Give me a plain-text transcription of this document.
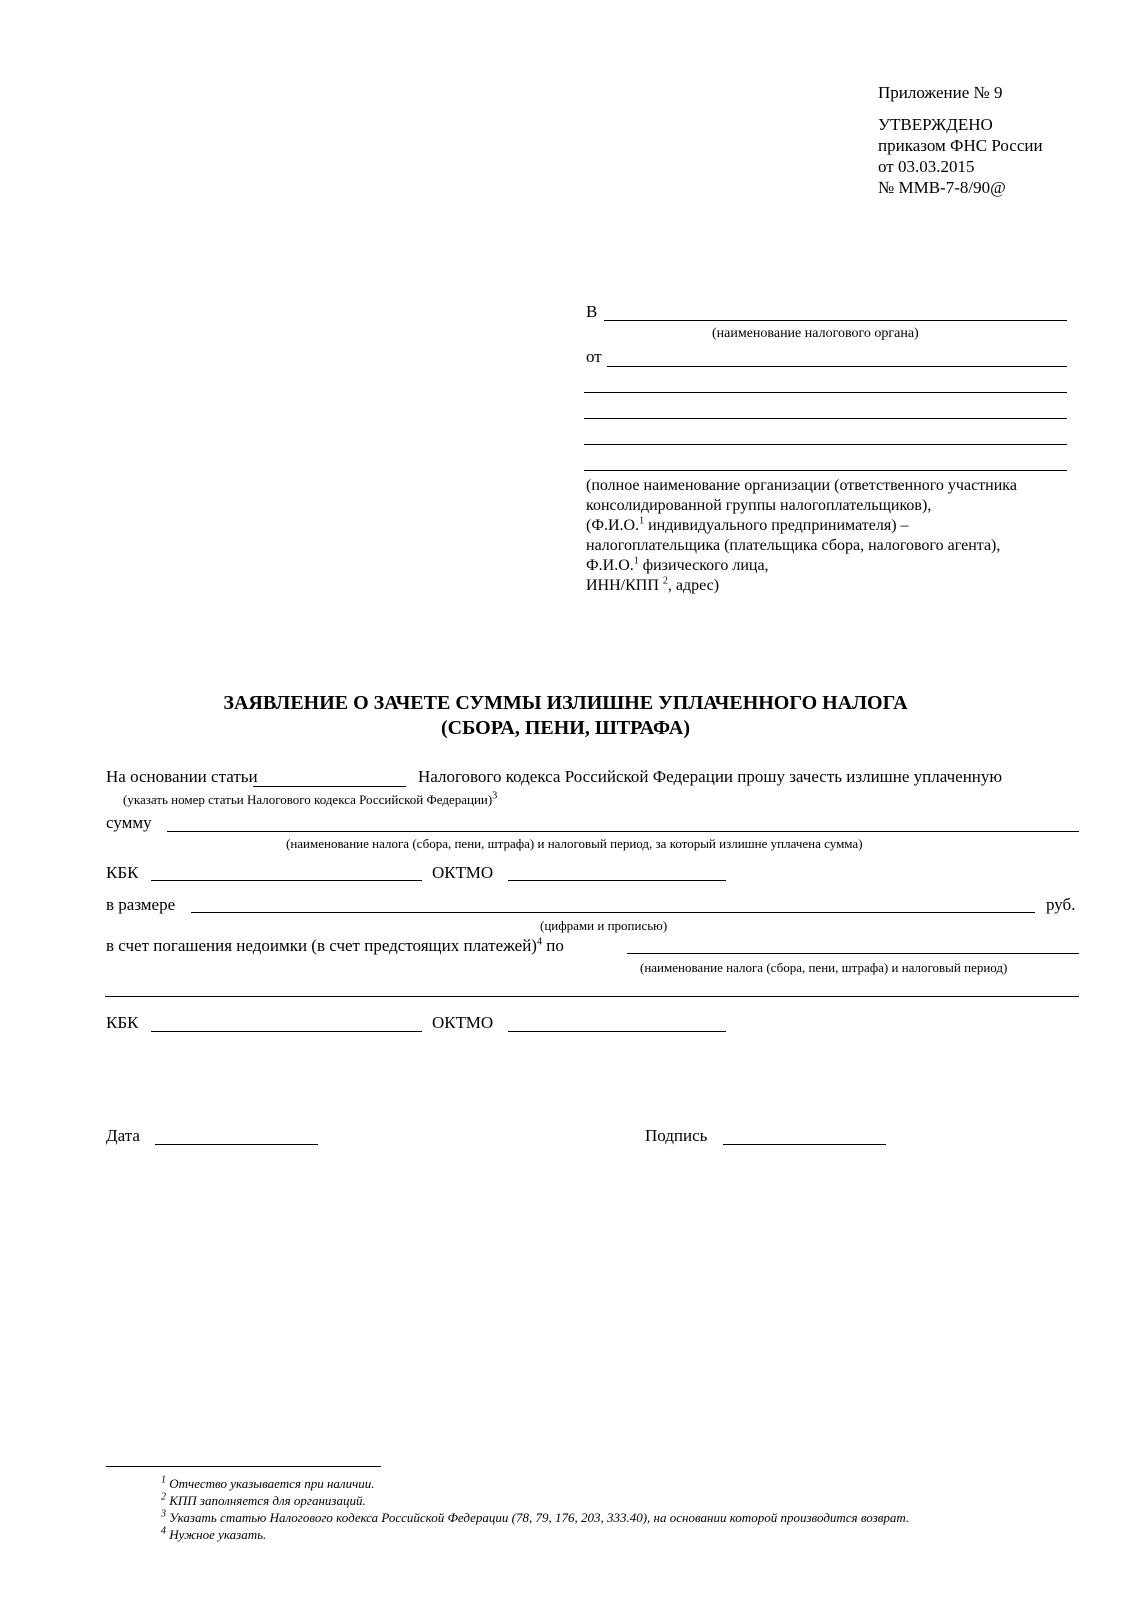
Приложение № 9
УТВЕРЖДЕНО
приказом ФНС России
от 03.03.2015
№ ММВ-7-8/90@
В
(наименование налогового органа)
от
(полное наименование организации (ответственного участника
консолидированной группы налогоплательщиков),
(Ф.И.О.$^1$ индивидуального предпринимателя) –
налогоплательщика (плательщика сбора, налогового агента),
Ф.И.О.$^1$ физического лица,
ИНН/КПП $^2$, адрес)
ЗАЯВЛЕНИЕ О ЗАЧЕТЕ СУММЫ ИЗЛИШНЕ УПЛАЧЕННОГО НАЛОГА
(СБОРА, ПЕНИ, ШТРАФА)
На основании статьи	Налогового кодекса Российской Федерации прошу зачесть излишне уплаченную
(указать номер статьи Налогового кодекса Российской Федерации)$^3$
сумму
(наименование налога (сбора, пени, штрафа) и налоговый период, за который излишне уплачена сумма)
КБК	ОКТМО
в размере	руб.
(цифрами и прописью)
в счет погашения недоимки (в счет предстоящих платежей)$^4$ по
(наименование налога (сбора, пени, штрафа) и налоговый период)
КБК	ОКТМО
Дата	Подпись
$^1$ Отчество указывается при наличии.
$^2$ КПП заполняется для организаций.
$^3$ Указать статью Налогового кодекса Российской Федерации (78, 79, 176, 203, 333.40), на основании которой производится возврат.
$^4$ Нужное указать.
